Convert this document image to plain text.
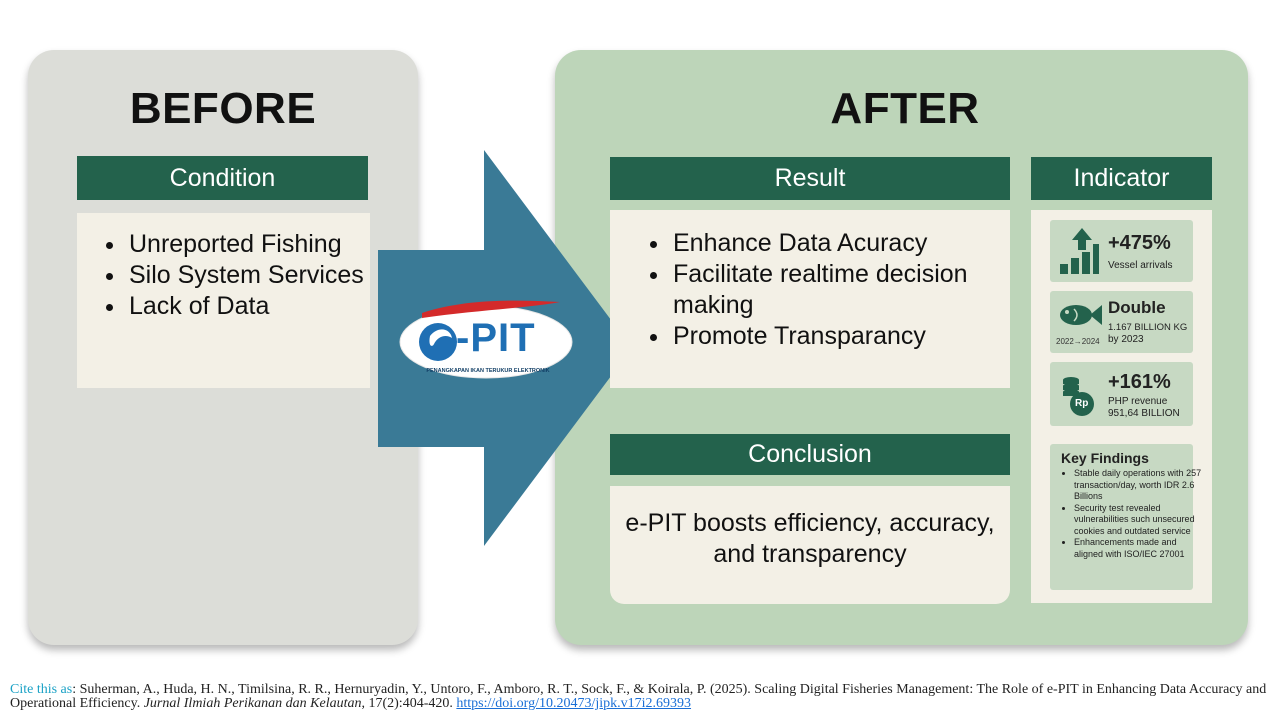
BEFORE	AFTER
Condition
• Unreported Fishing
• Silo System Services
• Lack of Data
-PIT
PENANGKAPAN IKAN TERUKUR ELEKTRONIK
Result
• Enhance Data Acuracy
• Facilitate realtime decision making
• Promote Transparancy
Conclusion
e-PIT boosts efficiency, accuracy, and transparency
Indicator
+475%
Vessel arrivals
2022→2024
Double
1.167 BILLION KG
by 2023
Rp
+161%
PHP revenue
951,64 BILLION
Key Findings
• Stable daily operations with 257 transaction/day, worth IDR 2.6 Billions
• Security test revealed vulnerabilities such unsecured cookies and outdated service
• Enhancements made and aligned with ISO/IEC 27001
Cite this as: Suherman, A., Huda, H. N., Timilsina, R. R., Hernuryadin, Y., Untoro, F., Amboro, R. T., Sock, F., & Koirala, P. (2025). Scaling Digital Fisheries Management: The Role of e-PIT in Enhancing Data Accuracy and Operational Efficiency. Jurnal Ilmiah Perikanan dan Kelautan, 17(2):404-420. https://doi.org/10.20473/jipk.v17i2.69393
